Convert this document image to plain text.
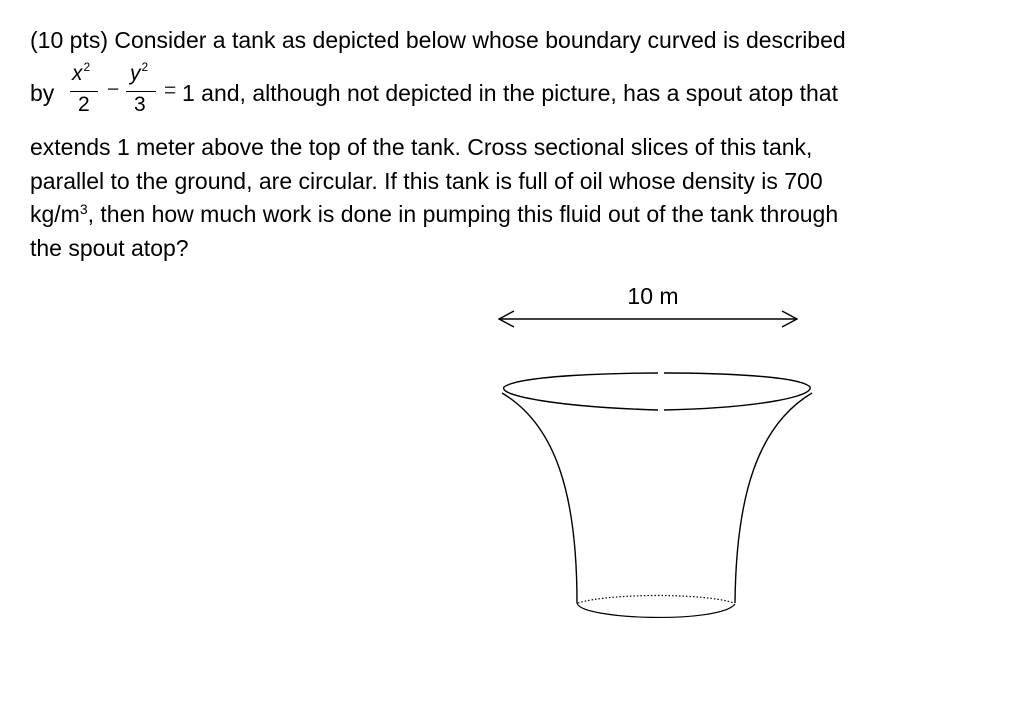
(10 pts) Consider a tank as depicted below whose boundary curved is described
by
$x^2$
2
−
$y^2$
3
= 1 and, although not depicted in the picture, has a spout atop that
extends 1 meter above the top of the tank. Cross sectional slices of this tank,
parallel to the ground, are circular. If this tank is full of oil whose density is 700
$kg/m^3$, then how much work is done in pumping this fluid out of the tank through
the spout atop?
10 m
